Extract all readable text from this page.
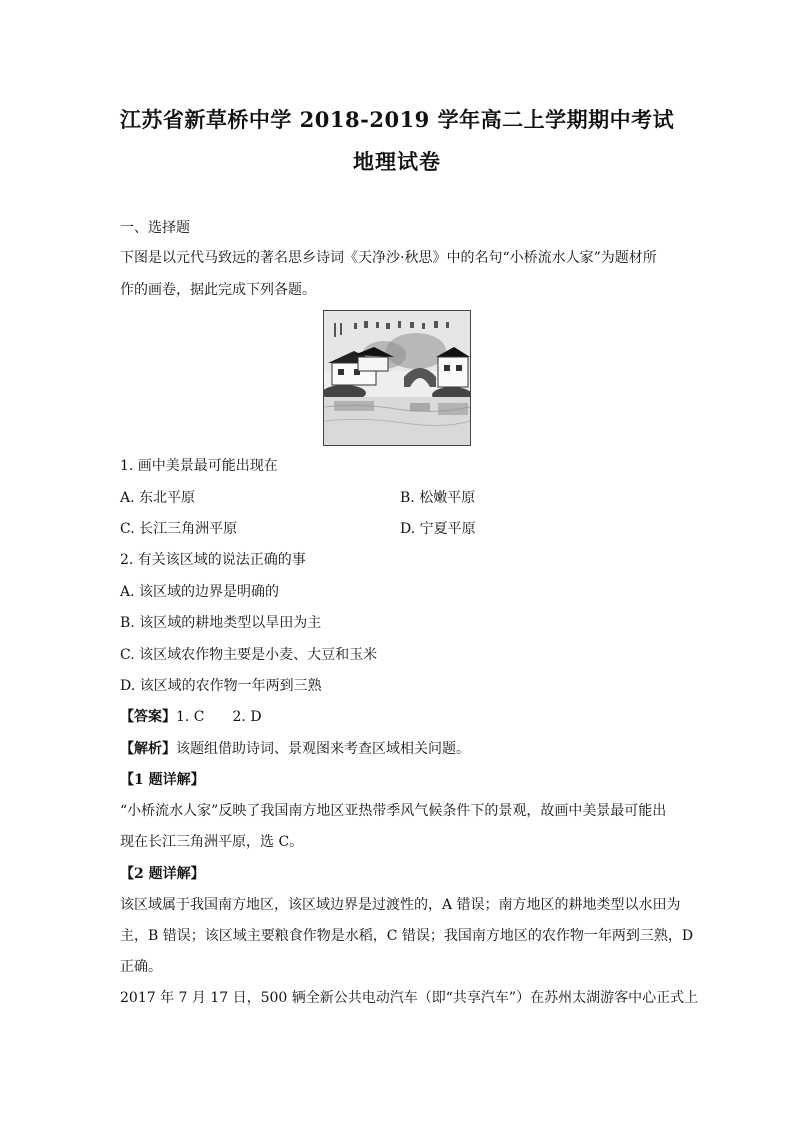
江苏省新草桥中学 2018-2019 学年高二上学期期中考试
地理试卷
一、选择题
下图是以元代马致远的著名思乡诗词《天净沙·秋思》中的名句“小桥流水人家”为题材所
作的画卷，据此完成下列各题。
1. 画中美景最可能出现在
A. 东北平原	B. 松嫩平原
C. 长江三角洲平原	D. 宁夏平原
2. 有关该区域的说法正确的事
A. 该区域的边界是明确的
B. 该区域的耕地类型以旱田为主
C. 该区域农作物主要是小麦、大豆和玉米
D. 该区域的农作物一年两到三熟
【答案】1. C　　2. D
【解析】该题组借助诗词、景观图来考查区域相关问题。
【1 题详解】
“小桥流水人家”反映了我国南方地区亚热带季风气候条件下的景观，故画中美景最可能出
现在长江三角洲平原，选 C。
【2 题详解】
该区域属于我国南方地区，该区域边界是过渡性的，A 错误；南方地区的耕地类型以水田为
主，B 错误；该区域主要粮食作物是水稻，C 错误；我国南方地区的农作物一年两到三熟，D
正确。
2017 年 7 月 17 日，500 辆全新公共电动汽车（即“共享汽车”）在苏州太湖游客中心正式上
